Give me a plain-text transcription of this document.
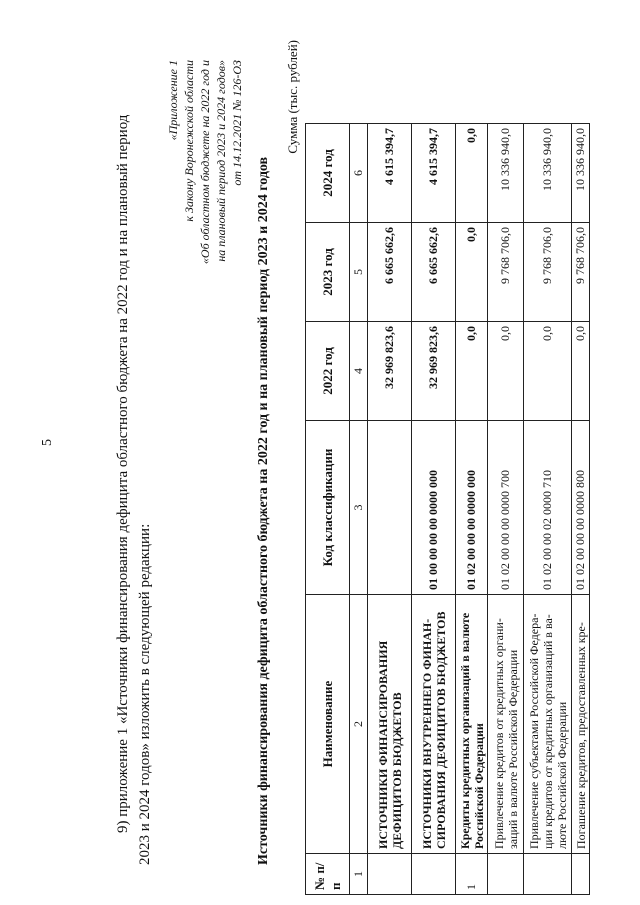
5	9) приложение 1 «Источники финансирования дефицита областного бюджета на 2022 год и на плановый период 2023 и 2024 годов» изложить в следующей редакции:
«Приложение 1 к Закону Воронежской области «Об областном бюджете на 2022 год и на плановый период 2023 и 2024 годов» от 14.12.2021 № 126-ОЗ
Источники финансирования дефицита областного бюджета на 2022 год и на плановый период 2023 и 2024 годов
Сумма (тыс. рублей)
№ п/п	Наименование	Код классификации	2022 год	2023 год	2024 год
1	2	3	4	5	6
	ИСТОЧНИКИ ФИНАНСИРОВАНИЯ ДЕФИЦИТОВ БЮДЖЕТОВ		32 969 823,6	6 665 662,6	4 615 394,7
	ИСТОЧНИКИ ВНУТРЕННЕГО ФИНАН-СИРОВАНИЯ ДЕФИЦИТОВ БЮДЖЕТОВ	01 00 00 00 00 0000 000	32 969 823,6	6 665 662,6	4 615 394,7
1	Кредиты кредитных организаций в валюте Российской Федерации	01 02 00 00 00 0000 000	0,0	0,0	0,0
	Привлечение кредитов от кредитных органи-заций в валюте Российской Федерации	01 02 00 00 00 0000 700	0,0	9 768 706,0	10 336 940,0
	Привлечение субъектами Российской Федера-ции кредитов от кредитных организаций в ва-люте Российской Федерации	01 02 00 00 02 0000 710	0,0	9 768 706,0	10 336 940,0
	Погашение кредитов, предоставленных кре-	01 02 00 00 00 0000 800	0,0	9 768 706,0	10 336 940,0
